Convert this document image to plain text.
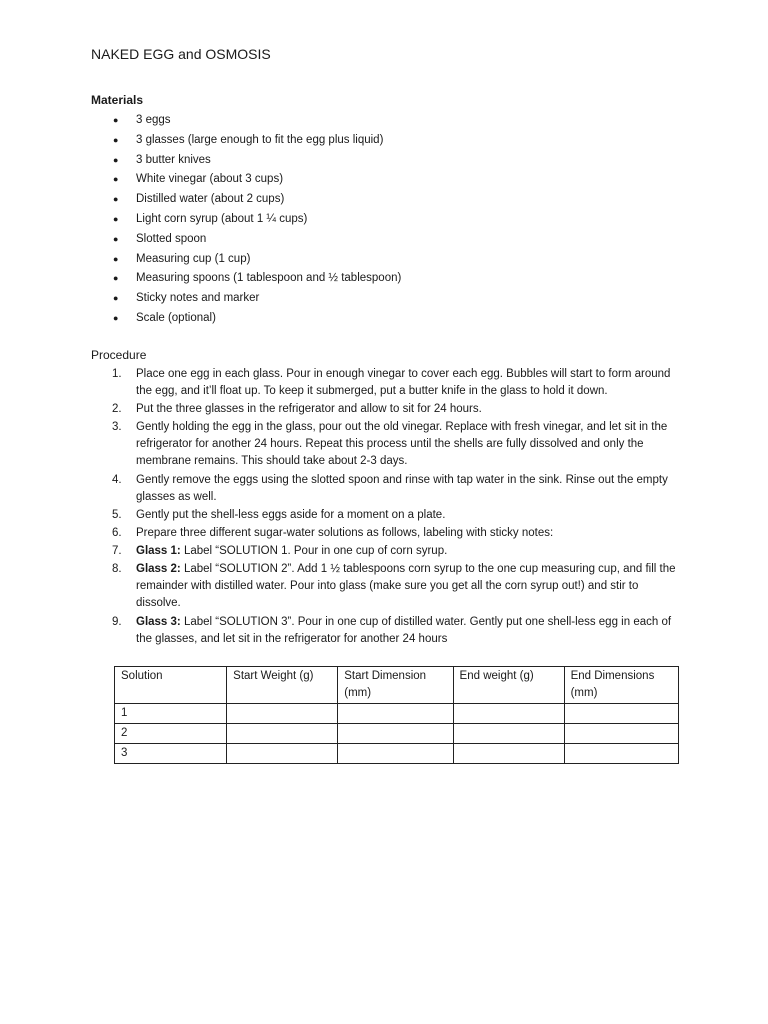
NAKED EGG and OSMOSIS
Materials
● 3 eggs
● 3 glasses (large enough to fit the egg plus liquid)
● 3 butter knives
● White vinegar (about 3 cups)
● Distilled water (about 2 cups)
● Light corn syrup (about 1 ¼ cups)
● Slotted spoon
● Measuring cup (1 cup)
● Measuring spoons (1 tablespoon and ½ tablespoon)
● Sticky notes and marker
● Scale (optional)
Procedure
1. Place one egg in each glass. Pour in enough vinegar to cover each egg. Bubbles will start to form around the egg, and it’ll float up. To keep it submerged, put a butter knife in the glass to hold it down.
2. Put the three glasses in the refrigerator and allow to sit for 24 hours.
3. Gently holding the egg in the glass, pour out the old vinegar. Replace with fresh vinegar, and let sit in the refrigerator for another 24 hours. Repeat this process until the shells are fully dissolved and only the membrane remains. This should take about 2-3 days.
4. Gently remove the eggs using the slotted spoon and rinse with tap water in the sink. Rinse out the empty glasses as well.
5. Gently put the shell-less eggs aside for a moment on a plate.
6. Prepare three different sugar-water solutions as follows, labeling with sticky notes:
7. Glass 1: Label “SOLUTION 1. Pour in one cup of corn syrup.
8. Glass 2: Label “SOLUTION 2”. Add 1 ½ tablespoons corn syrup to the one cup measuring cup, and fill the remainder with distilled water. Pour into glass (make sure you get all the corn syrup out!) and stir to dissolve.
9. Glass 3: Label “SOLUTION 3”. Pour in one cup of distilled water. Gently put one shell-less egg in each of the glasses, and let sit in the refrigerator for another 24 hours
Solution	Start Weight (g)	Start Dimension (mm)	End weight (g)	End Dimensions (mm)
1				
2				
3				
